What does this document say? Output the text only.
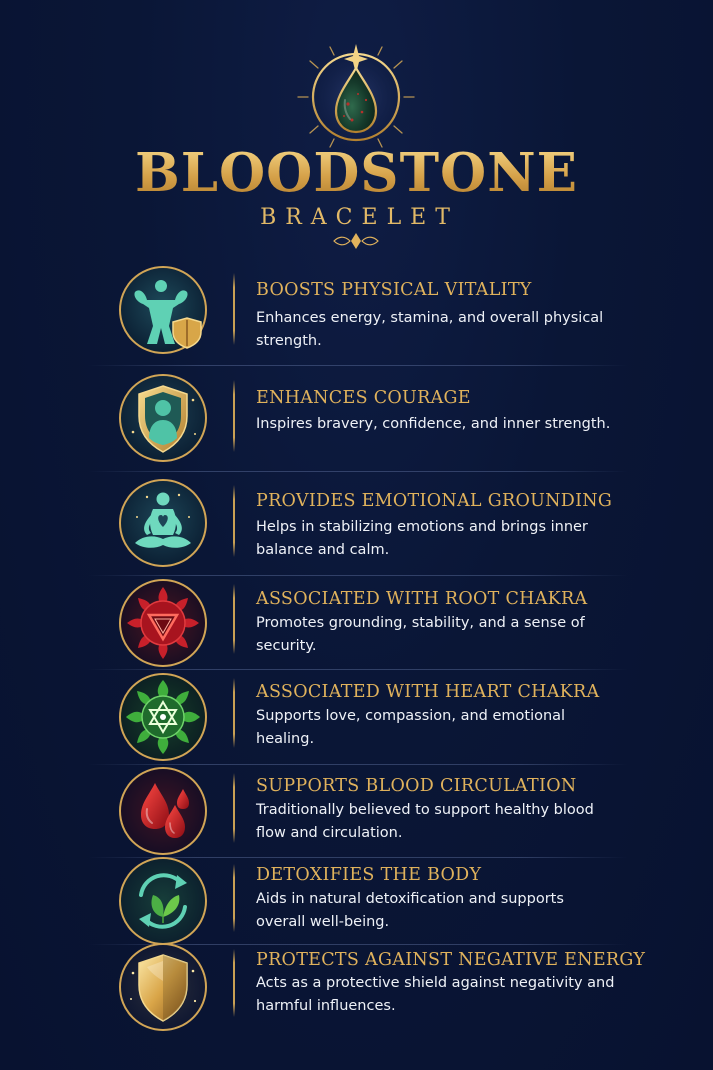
BLOODSTONE
BRACELET
BOOSTS PHYSICAL VITALITY
Enhances energy, stamina, and overall physical strength.
ENHANCES COURAGE
Inspires bravery, confidence, and inner strength.
PROVIDES EMOTIONAL GROUNDING
Helps in stabilizing emotions and brings inner balance and calm.
ASSOCIATED WITH ROOT CHAKRA
Promotes grounding, stability, and a sense of security.
ASSOCIATED WITH HEART CHAKRA
Supports love, compassion, and emotional healing.
SUPPORTS BLOOD CIRCULATION
Traditionally believed to support healthy blood flow and circulation.
DETOXIFIES THE BODY
Aids in natural detoxification and supports overall well-being.
PROTECTS AGAINST NEGATIVE ENERGY
Acts as a protective shield against negativity and harmful influences.
